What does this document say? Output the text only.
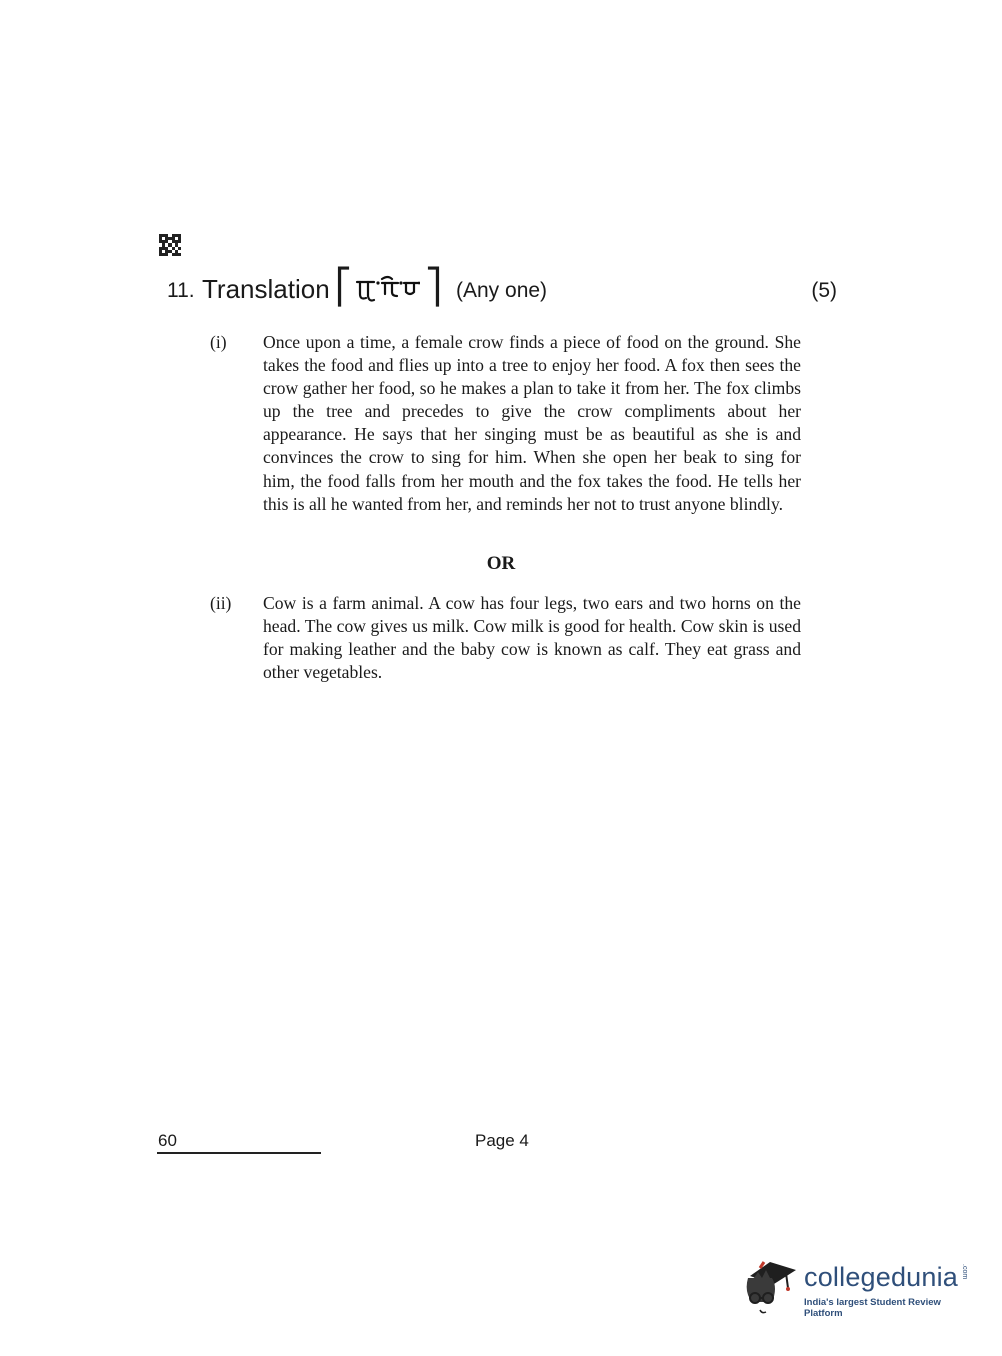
11. Translation ⎡ ⎤ (Any one)	(5)
(i) Once upon a time, a female crow finds a piece of food on the ground. She takes the food and flies up into a tree to enjoy her food. A fox then sees the crow gather her food, so he makes a plan to take it from her. The fox climbs up the tree and precedes to give the crow compliments about her appearance. He says that her singing must be as beautiful as she is and convinces the crow to sing for him. When she open her beak to sing for him, the food falls from her mouth and the fox takes the food. He tells her this is all he wanted from her, and reminds her not to trust anyone blindly.

OR
(ii) Cow is a farm animal. A cow has four legs, two ears and two horns on the head. The cow gives us milk. Cow milk is good for health. Cow skin is used for making leather and the baby cow is known as calf. They eat grass and other vegetables.

60	Page 4
collegedunia .com
India's largest Student Review Platform
